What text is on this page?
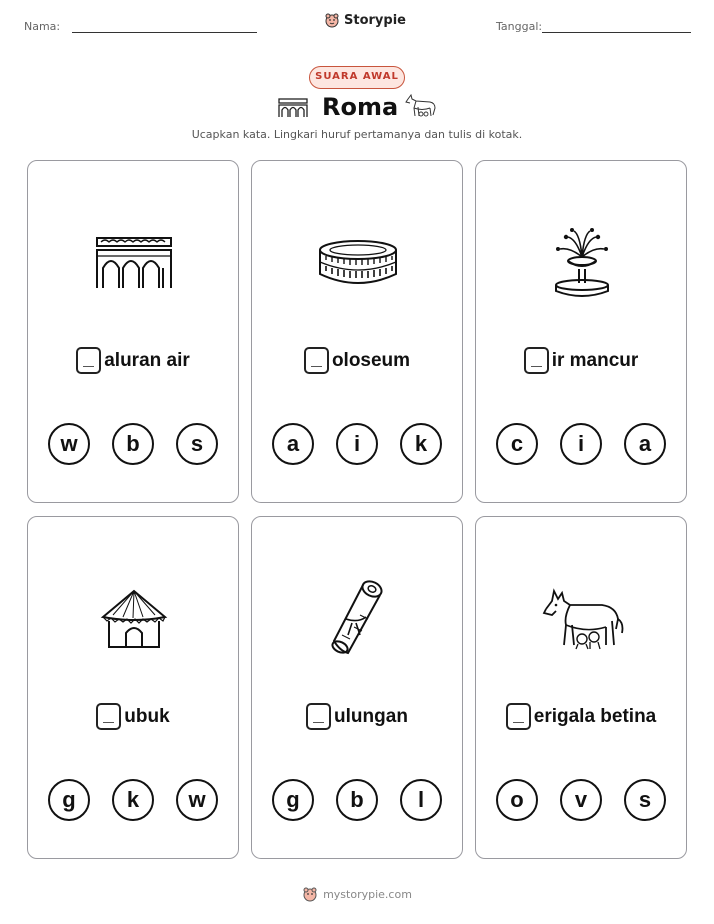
Nama:	Storypie	Tanggal:
SUARA AWAL
Roma
Ucapkan kata. Lingkari huruf pertamanya dan tulis di kotak.
aluran air
w	b	s
oloseum
a	i	k
ir mancur
c	i	a
ubuk
g	k	w
ulungan
g	b	l
erigala betina
o	v	s
mystorypie.com
